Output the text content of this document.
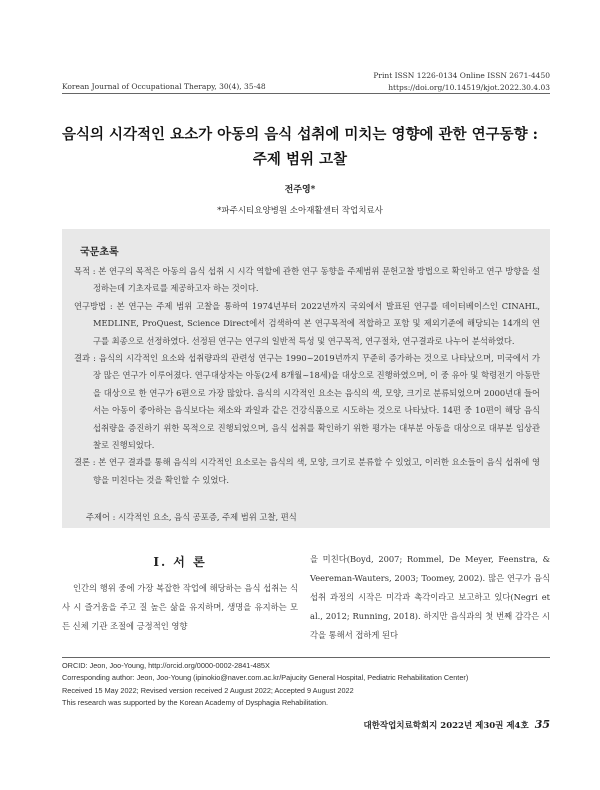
Korean Journal of Occupational Therapy, 30(4), 35-48
Print ISSN 1226-0134 Online ISSN 2671-4450
https://doi.org/10.14519/kjot.2022.30.4.03
음식의 시각적인 요소가 아동의 음식 섭취에 미치는 영향에 관한 연구동향 :
주제 범위 고찰
전주영*
*파주시티요양병원 소아재활센터 작업치료사
국문초록
목적 : 본 연구의 목적은 아동의 음식 섭취 시 시각 역할에 관한 연구 동향을 주제범위 문헌고찰 방법으로 확인하고 연구 방향을 설정하는데 기초자료를 제공하고자 하는 것이다.
연구방법 : 본 연구는 주제 범위 고찰을 통하여 1974년부터 2022년까지 국외에서 발표된 연구를 데이터베이스인 CINAHL, MEDLINE, ProQuest, Science Direct에서 검색하여 본 연구목적에 적합하고 포함 및 제외기준에 해당되는 14개의 연구를 최종으로 선정하였다. 선정된 연구는 연구의 일반적 특성 및 연구목적, 연구절차, 연구결과로 나누어 분석하였다.
결과 : 음식의 시각적인 요소와 섭취량과의 관련성 연구는 1990~2019년까지 꾸준히 증가하는 것으로 나타났으며, 미국에서 가장 많은 연구가 이루어졌다. 연구대상자는 아동(2세 8개월~18세)을 대상으로 진행하였으며, 이 중 유아 및 학령전기 아동만을 대상으로 한 연구가 6편으로 가장 많았다. 음식의 시각적인 요소는 음식의 색, 모양, 크기로 분류되었으며 2000년대 들어서는 아동이 좋아하는 음식보다는 채소와 과일과 같은 건강식품으로 시도하는 것으로 나타났다. 14편 중 10편이 해당 음식 섭취량을 증진하기 위한 목적으로 진행되었으며, 음식 섭취를 확인하기 위한 평가는 대부분 아동을 대상으로 대부분 임상관찰로 진행되었다.
결론 : 본 연구 결과를 통해 음식의 시각적인 요소로는 음식의 색, 모양, 크기로 분류할 수 있었고, 이러한 요소들이 음식 섭취에 영향을 미친다는 것을 확인할 수 있었다.
주제어 : 시각적인 요소, 음식 공포증, 주제 범위 고찰, 편식
I. 서 론

인간의 행위 중에 가장 복잡한 작업에 해당하는 음식 섭취는 식사 시 즐거움을 주고 질 높은 삶을 유지하며, 생명을 유지하는 모든 신체 기관 조절에 긍정적인 영향

을 미친다(Boyd, 2007; Rommel, De Meyer, Feenstra, & Veereman-Wauters, 2003; Toomey, 2002). 많은 연구가 음식 섭취 과정의 시작은 미각과 촉각이라고 보고하고 있다(Negri et al., 2012; Running, 2018). 하지만 음식과의 첫 번째 감각은 시각을 통해서 접하게 된다

ORCID: Jeon, Joo-Young, http://orcid.org/0000-0002-2841-485X
Corresponding author: Jeon, Joo-Young (ipinokio@naver.com.ac.kr/Pajucity General Hospital, Pediatric Rehabilitation Center)
Received 15 May 2022; Revised version received 2 August 2022; Accepted 9 August 2022
This research was supported by the Korean Academy of Dysphagia Rehabilitation.
대한작업치료학회지 2022년 제30권 제4호 35
